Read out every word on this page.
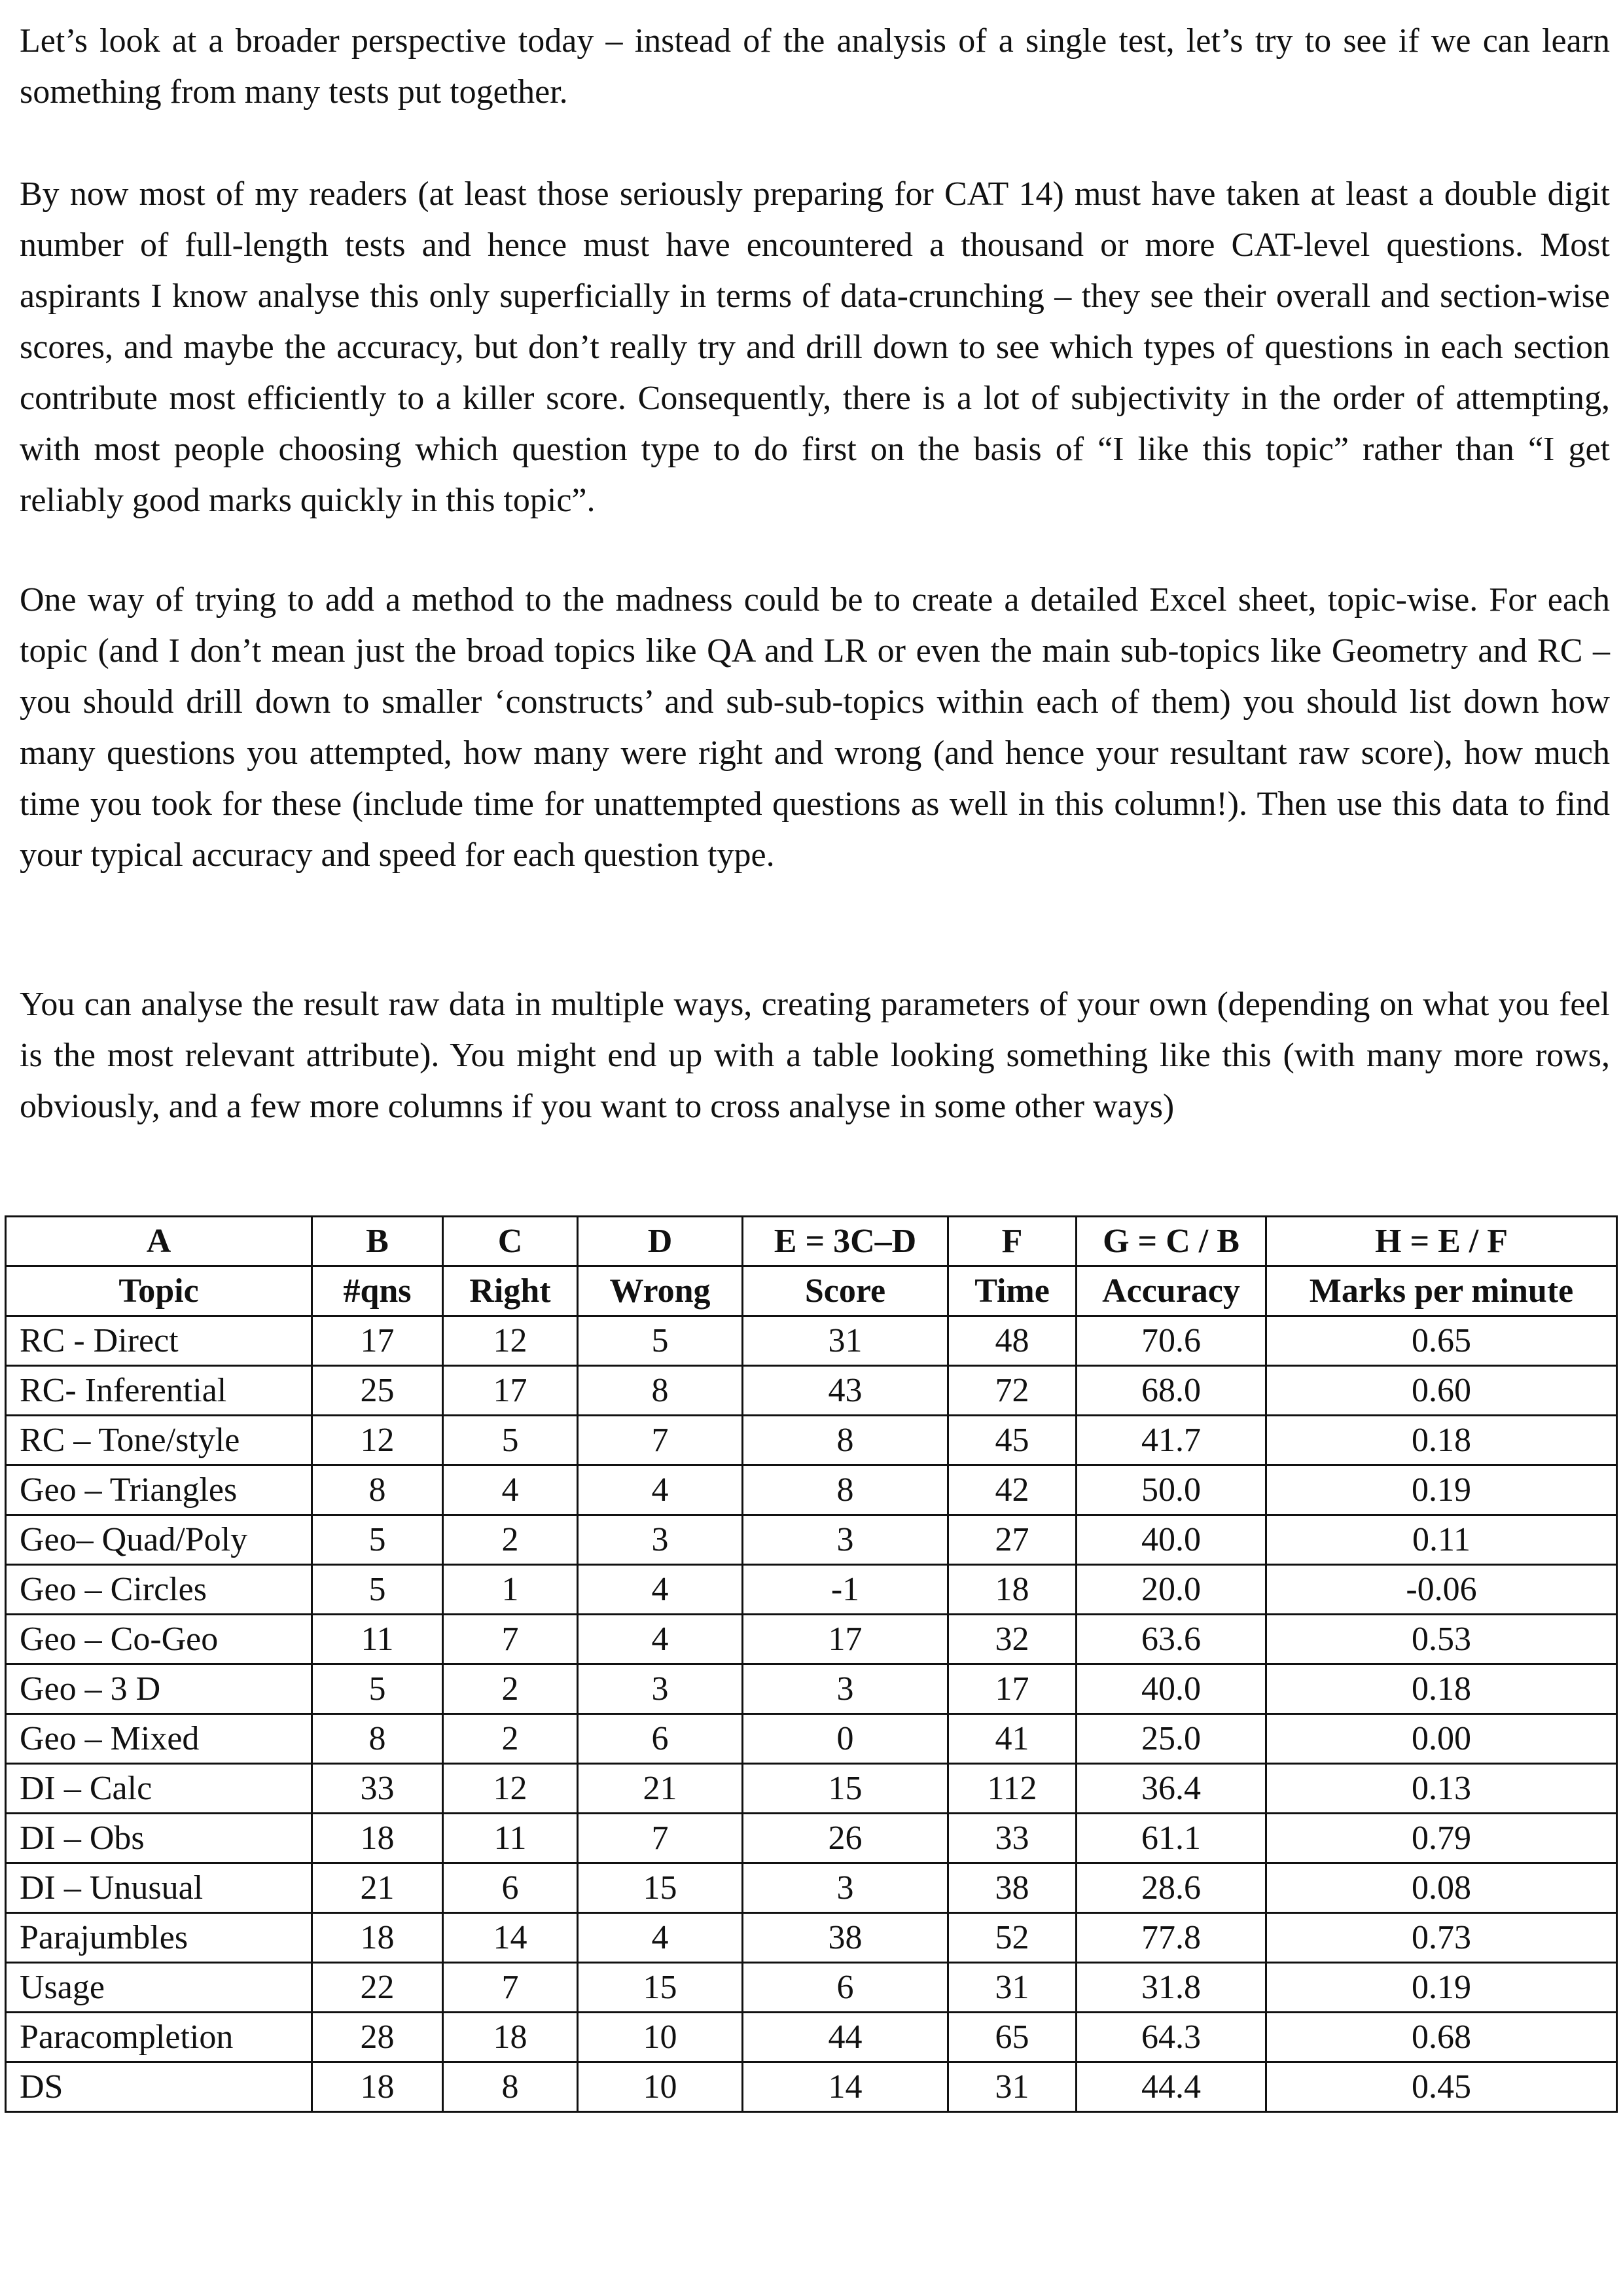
Let’s look at a broader perspective today – instead of the analysis of a single test, let’s try to see if we can learn something from many tests put together.

By now most of my readers (at least those seriously preparing for CAT 14) must have taken at least a double digit number of full-length tests and hence must have encountered a thousand or more CAT-level questions. Most aspirants I know analyse this only superficially in terms of data-crunching – they see their overall and section-wise scores, and maybe the accuracy, but don’t really try and drill down to see which types of questions in each section contribute most efficiently to a killer score. Consequently, there is a lot of subjectivity in the order of attempting, with most people choosing which question type to do first on the basis of “I like this topic” rather than “I get reliably good marks quickly in this topic”.

One way of trying to add a method to the madness could be to create a detailed Excel sheet, topic-wise. For each topic (and I don’t mean just the broad topics like QA and LR or even the main sub-topics like Geometry and RC – you should drill down to smaller ‘constructs’ and sub-sub-topics within each of them) you should list down how many questions you attempted, how many were right and wrong (and hence your resultant raw score), how much time you took for these (include time for unattempted questions as well in this column!). Then use this data to find your typical accuracy and speed for each question type.

You can analyse the result raw data in multiple ways, creating parameters of your own (depending on what you feel is the most relevant attribute). You might end up with a table looking something like this (with many more rows, obviously, and a few more columns if you want to cross analyse in some other ways)

A	B	C	D	E = 3C–D	F	G = C / B	H = E / F
Topic	#qns	Right	Wrong	Score	Time	Accuracy	Marks per minute
RC - Direct	17	12	5	31	48	70.6	0.65
RC- Inferential	25	17	8	43	72	68.0	0.60
RC – Tone/style	12	5	7	8	45	41.7	0.18
Geo – Triangles	8	4	4	8	42	50.0	0.19
Geo– Quad/Poly	5	2	3	3	27	40.0	0.11
Geo – Circles	5	1	4	-1	18	20.0	-0.06
Geo – Co-Geo	11	7	4	17	32	63.6	0.53
Geo – 3 D	5	2	3	3	17	40.0	0.18
Geo – Mixed	8	2	6	0	41	25.0	0.00
DI – Calc	33	12	21	15	112	36.4	0.13
DI – Obs	18	11	7	26	33	61.1	0.79
DI – Unusual	21	6	15	3	38	28.6	0.08
Parajumbles	18	14	4	38	52	77.8	0.73
Usage	22	7	15	6	31	31.8	0.19
Paracompletion	28	18	10	44	65	64.3	0.68
DS	18	8	10	14	31	44.4	0.45
